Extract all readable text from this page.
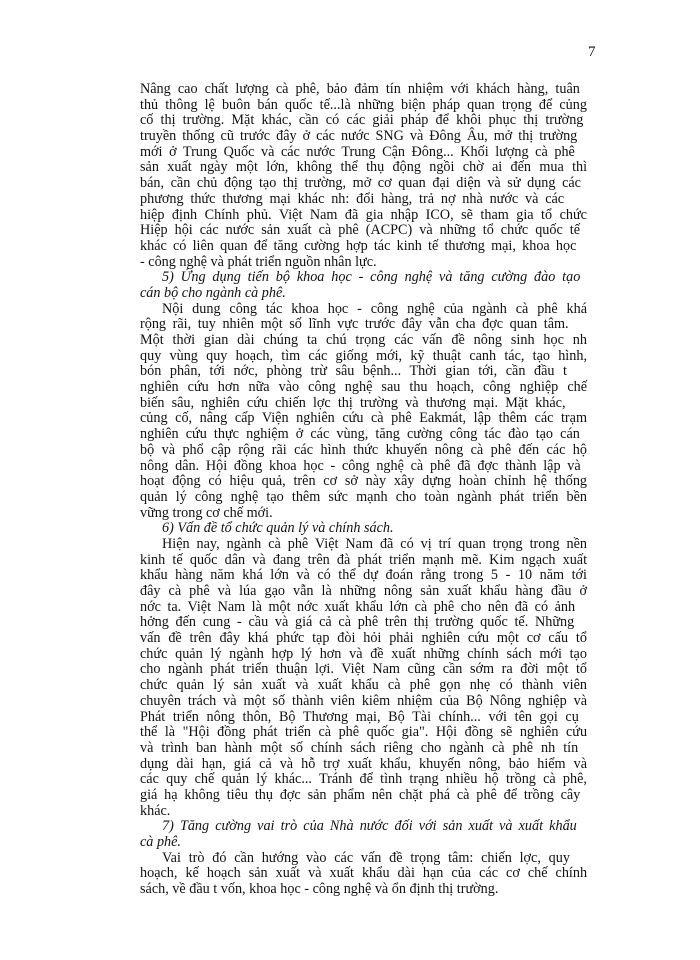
7
Nâng cao chất lượng cà phê, bảo đảm tín nhiệm với khách hàng, tuân
thủ thông lệ buôn bán quốc tế...là những biện pháp quan trọng để củng
cố thị trường. Mặt khác, cần có các giải pháp để khôi phục thị trường
truyền thống cũ trước đây ở các nước SNG và Đông Âu, mở thị trường
mới ở Trung Quốc và các nước Trung Cận Đông... Khối lượng cà phê
sản xuất ngày một lớn, không thể thụ động ngồi chờ ai đến mua thì
bán, cần chủ động tạo thị trường, mở cơ quan đại diện và sử dụng các
phương thức thương mại khác nh: đổi hàng, trả nợ nhà nước và các
hiệp định Chính phủ. Việt Nam đã gia nhập ICO, sẽ tham gia tổ chức
Hiệp hội các nước sản xuất cà phê (ACPC) và những tổ chức quốc tế
khác có liên quan để tăng cường hợp tác kinh tế thương mại, khoa học
- công nghệ và phát triển nguồn nhân lực.
5) Ứng dụng tiến bộ khoa học - công nghệ và tăng cường đào tạo
cán bộ cho ngành cà phê.
Nội dung công tác khoa học - công nghệ của ngành cà phê khá
rộng rãi, tuy nhiên một số lĩnh vực trước đây vẫn cha đợc quan tâm.
Một thời gian dài chúng ta chú trọng các vấn đề nông sinh học nh
quy vùng quy hoạch, tìm các giống mới, kỹ thuật canh tác, tạo hình,
bón phân, tới nớc, phòng trừ sâu bệnh... Thời gian tới, cần đầu t
nghiên cứu hơn nữa vào công nghệ sau thu hoạch, công nghiệp chế
biến sâu, nghiên cứu chiến lợc thị trường và thương mại. Mặt khác,
củng cố, nâng cấp Viện nghiên cứu cà phê Eakmát, lập thêm các trạm
nghiên cứu thực nghiệm ở các vùng, tăng cường công tác đào tạo cán
bộ và phổ cập rộng rãi các hình thức khuyến nông cà phê đến các hộ
nông dân. Hội đồng khoa học - công nghệ cà phê đã đợc thành lập và
hoạt động có hiệu quả, trên cơ sở này xây dựng hoàn chỉnh hệ thống
quản lý công nghệ tạo thêm sức mạnh cho toàn ngành phát triển bền
vững trong cơ chế mới.
6) Vấn đề tổ chức quản lý và chính sách.
Hiện nay, ngành cà phê Việt Nam đã có vị trí quan trọng trong nền
kinh tế quốc dân và đang trên đà phát triển mạnh mẽ. Kim ngạch xuất
khẩu hàng năm khá lớn và có thể dự đoán rằng trong 5 - 10 năm tới
đây cà phê và lúa gạo vẫn là những nông sản xuất khẩu hàng đầu ở
nớc ta. Việt Nam là một nớc xuất khẩu lớn cà phê cho nên đã có ảnh
hởng đến cung - cầu và giá cả cà phê trên thị trường quốc tế. Những
vấn đề trên đây khá phức tạp đòi hỏi phải nghiên cứu một cơ cấu tổ
chức quản lý ngành hợp lý hơn và đề xuất những chính sách mới tạo
cho ngành phát triển thuận lợi. Việt Nam cũng cần sớm ra đời một tổ
chức quản lý sản xuất và xuất khẩu cà phê gọn nhẹ có thành viên
chuyên trách và một số thành viên kiêm nhiệm của Bộ Nông nghiệp và
Phát triển nông thôn, Bộ Thương mại, Bộ Tài chính... với tên gọi cụ
thể là "Hội đồng phát triển cà phê quốc gia". Hội đồng sẽ nghiên cứu
và trình ban hành một số chính sách riêng cho ngành cà phê nh tín
dụng dài hạn, giá cả và hỗ trợ xuất khẩu, khuyến nông, bảo hiểm và
các quy chế quản lý khác... Tránh để tình trạng nhiều hộ trồng cà phê,
giá hạ không tiêu thụ đợc sản phẩm nên chặt phá cà phê để trồng cây
khác.
7) Tăng cường vai trò của Nhà nước đối với sản xuất và xuất khẩu
cà phê.
Vai trò đó cần hướng vào các vấn đề trọng tâm: chiến lợc, quy
hoạch, kế hoạch sản xuất và xuất khẩu dài hạn của các cơ chế chính
sách, về đầu t vốn, khoa học - công nghệ và ổn định thị trường.
